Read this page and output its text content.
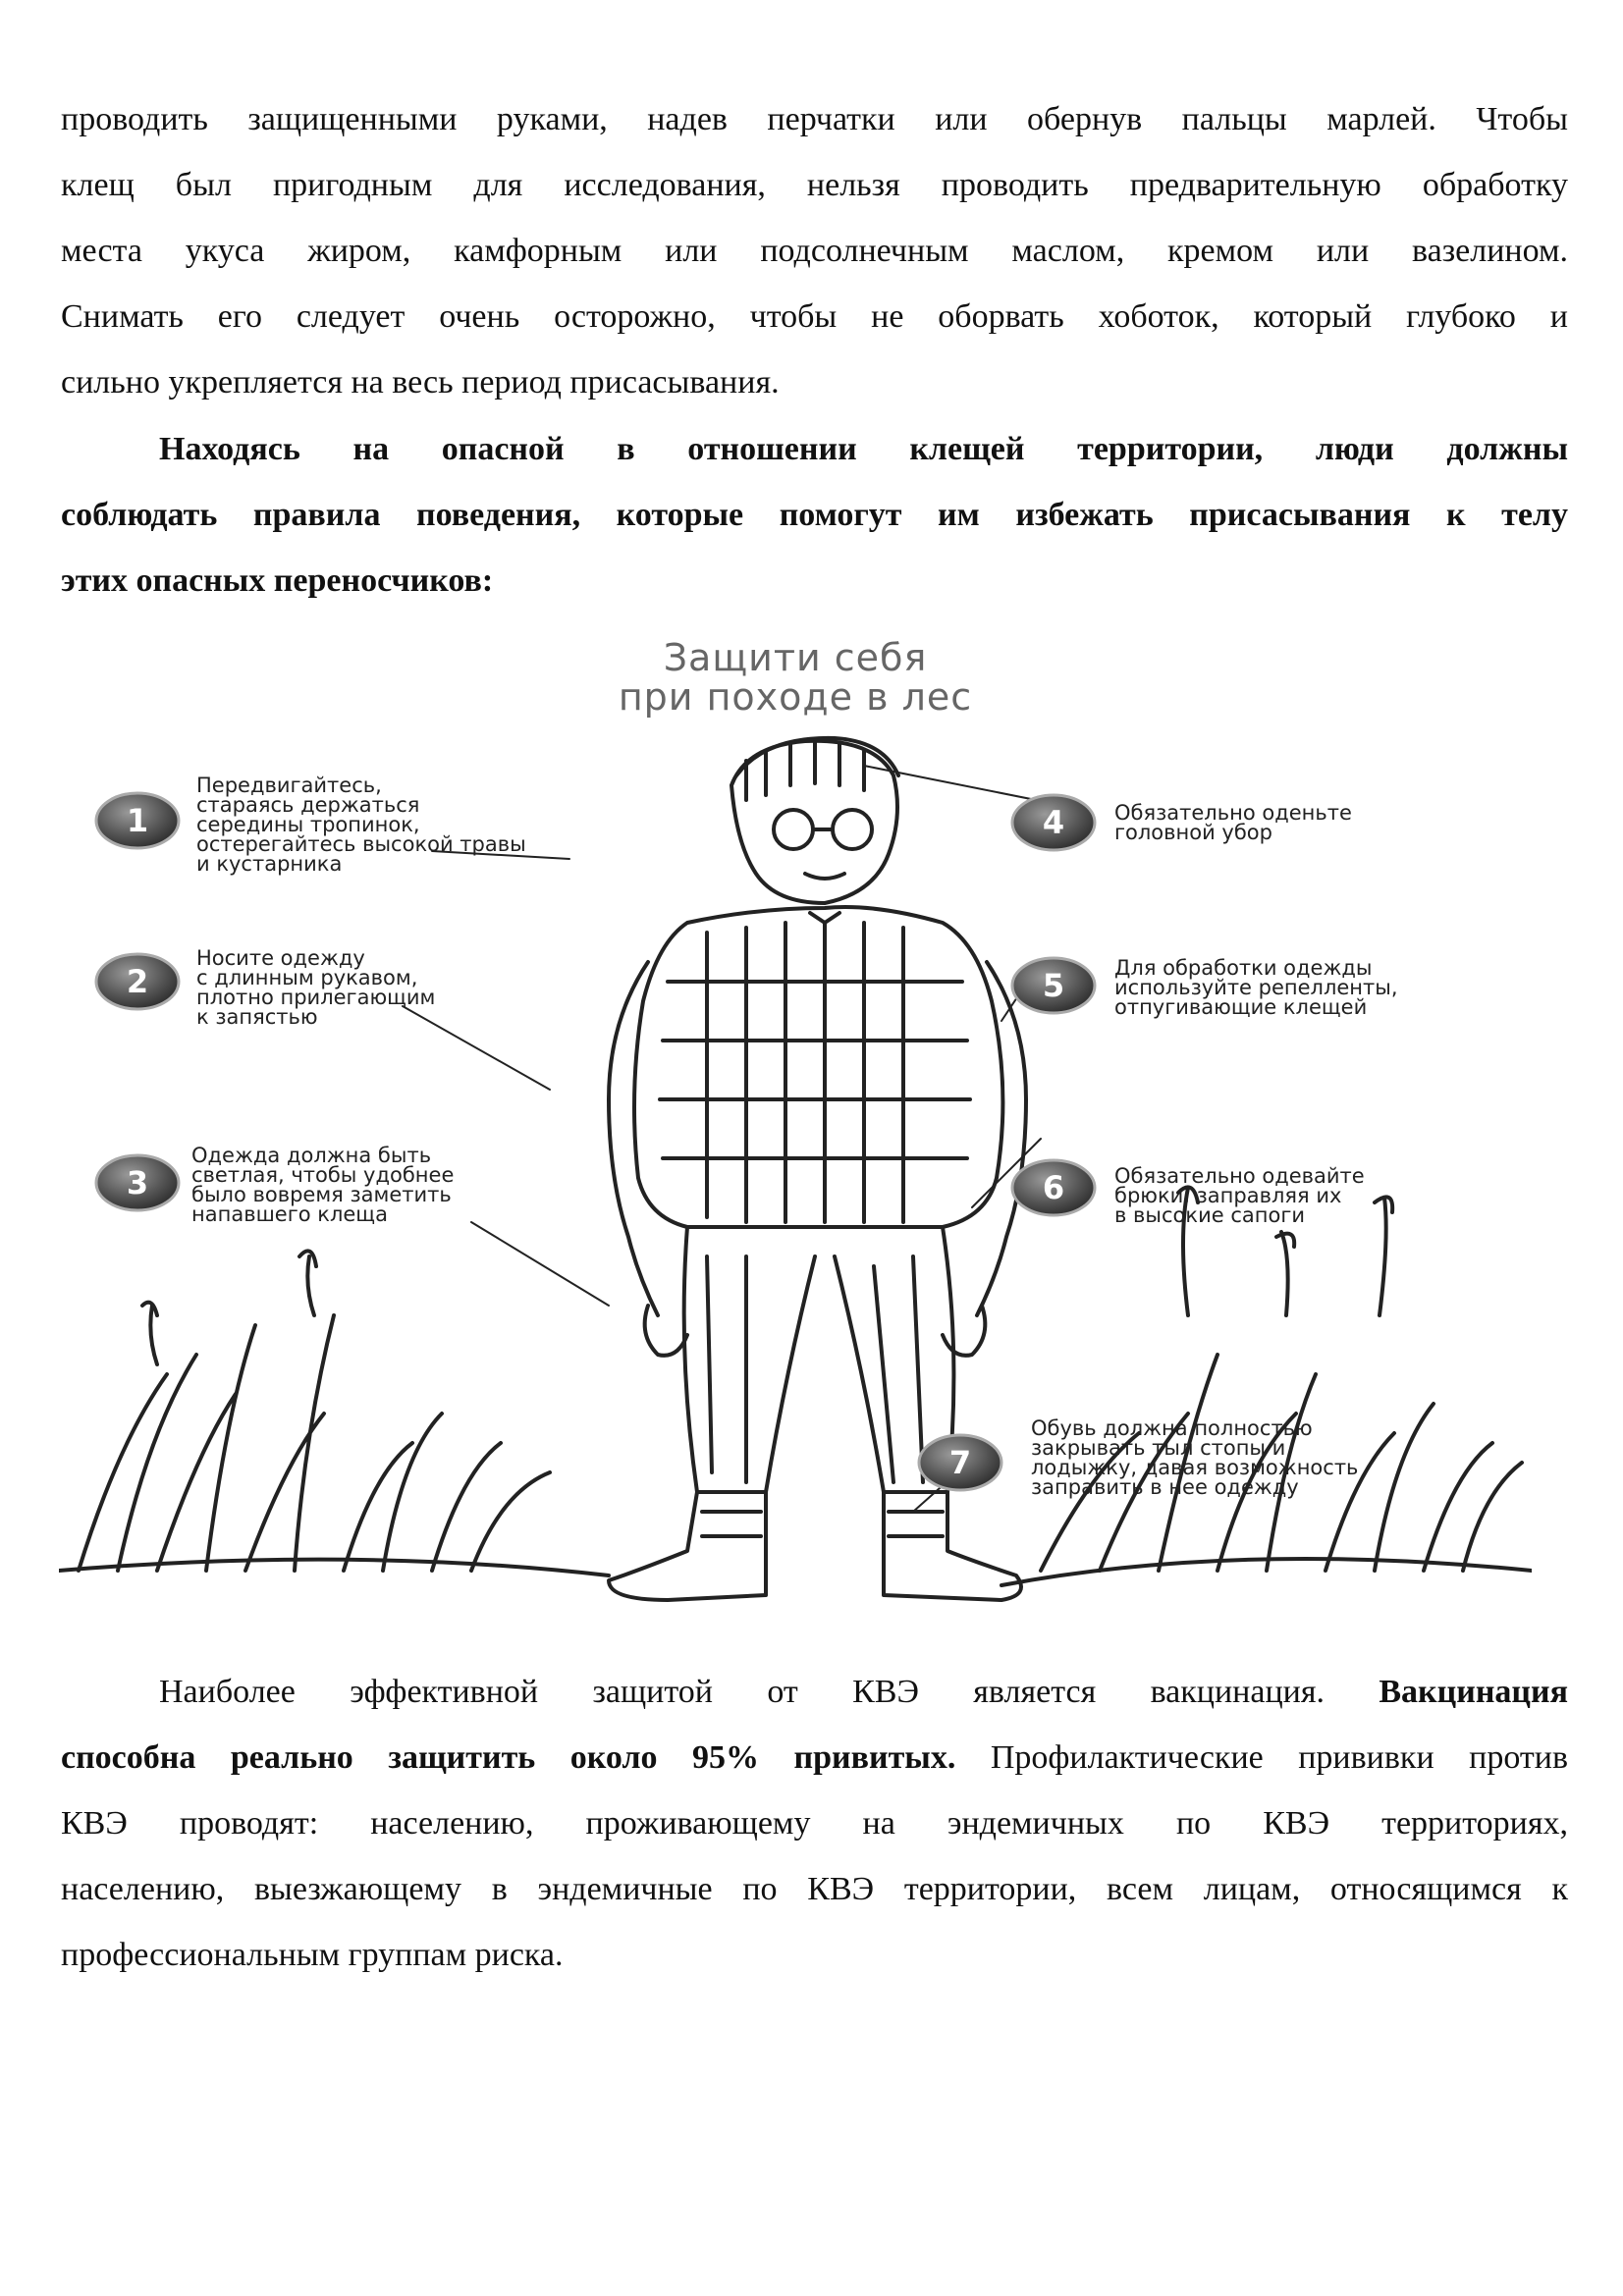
проводить защищенными руками, надев перчатки или обернув пальцы марлей. Чтобы
клещ был пригодным для исследования, нельзя проводить предварительную обработку
места укуса жиром, камфорным или подсолнечным маслом, кремом или вазелином.
Снимать его следует очень осторожно, чтобы не оборвать хоботок, который глубоко и
сильно укрепляется на весь период присасывания.
Находясь на опасной в отношении клещей территории, люди должны
соблюдать правила поведения, которые помогут им избежать присасывания к телу
этих опасных переносчиков:
Защити себя
при походе в лес
1
2
3
4
5
6
7
Передвигайтесь,
стараясь держаться
середины тропинок,
остерегайтесь высокой травы
и кустарника
Носите одежду
с длинным рукавом,
плотно прилегающим
к запястью
Одежда должна быть
светлая, чтобы удобнее
было вовремя заметить
напавшего клеща
Обязательно оденьте
головной убор
Для обработки одежды
используйте репелленты,
отпугивающие клещей
Обязательно одевайте
брюки, заправляя их
в высокие сапоги
Обувь должна полностью
закрывать тыл стопы и
лодыжку, давая возможность
заправить в нее одежду
Наиболее эффективной защитой от КВЭ является вакцинация. Вакцинация
способна реально защитить около 95% привитых. Профилактические прививки против
КВЭ проводят: населению, проживающему на эндемичных по КВЭ территориях,
населению, выезжающему в эндемичные по КВЭ территории, всем лицам, относящимся к
профессиональным группам риска.
